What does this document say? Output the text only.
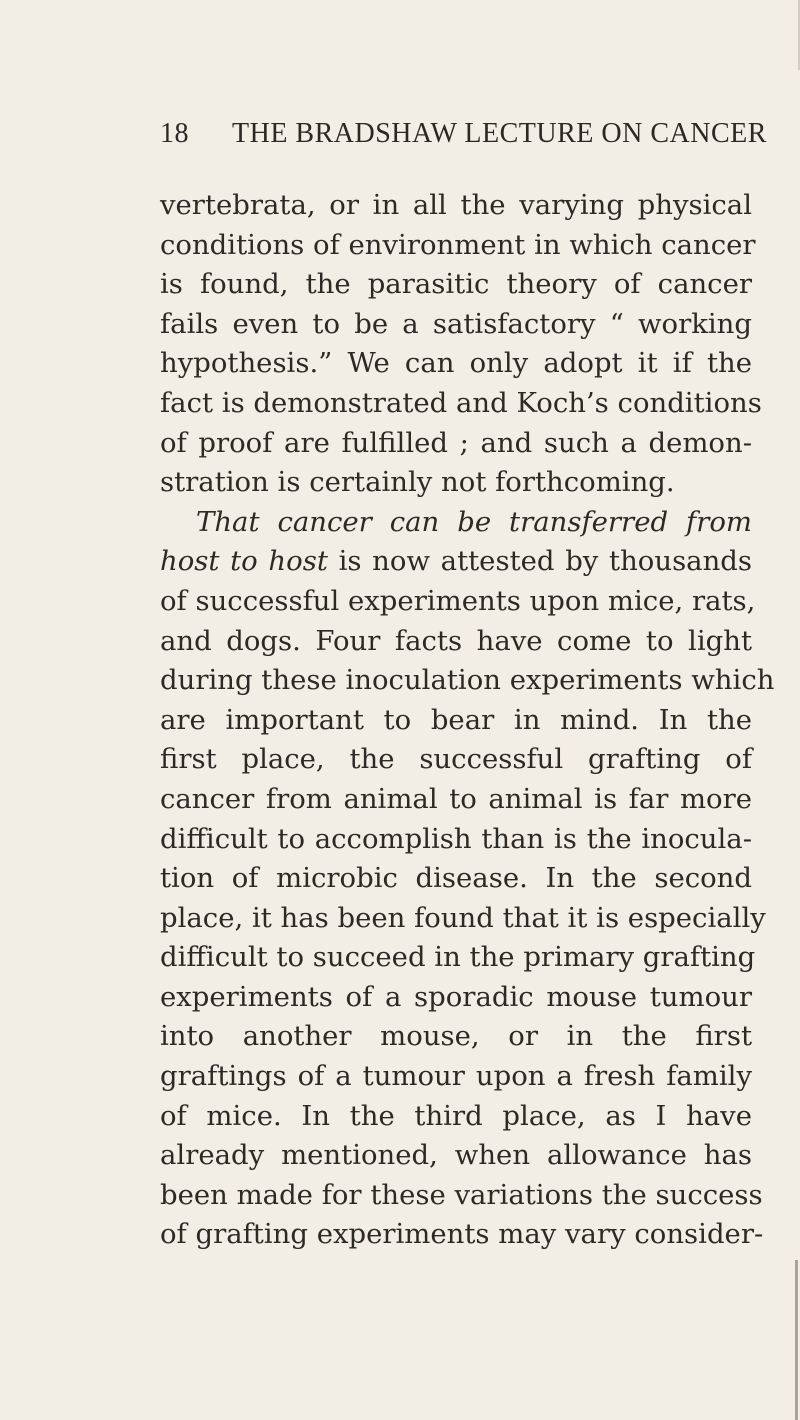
18 THE BRADSHAW LECTURE ON CANCER
vertebrata, or in all the varying physical
conditions of environment in which cancer
is found, the parasitic theory of cancer
fails even to be a satisfactory “ working
hypothesis.” We can only adopt it if the
fact is demonstrated and Koch’s conditions
of proof are fulfilled ; and such a demon-
stration is certainly not forthcoming.
That cancer can be transferred from
host to host is now attested by thousands
of successful experiments upon mice, rats,
and dogs. Four facts have come to light
during these inoculation experiments which
are important to bear in mind. In the
first place, the successful grafting of
cancer from animal to animal is far more
difficult to accomplish than is the inocula-
tion of microbic disease. In the second
place, it has been found that it is especially
difficult to succeed in the primary grafting
experiments of a sporadic mouse tumour
into another mouse, or in the first
graftings of a tumour upon a fresh family
of mice. In the third place, as I have
already mentioned, when allowance has
been made for these variations the success
of grafting experiments may vary consider-
